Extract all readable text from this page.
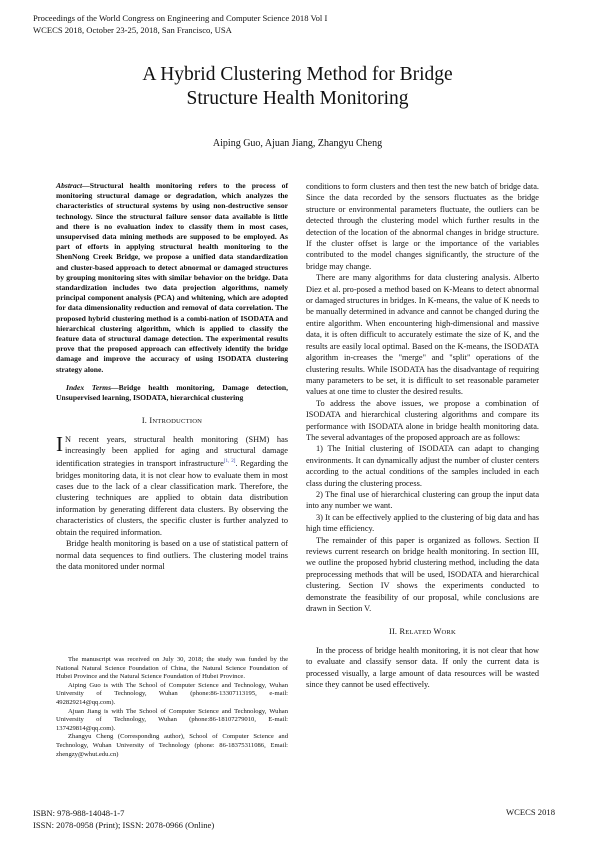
Proceedings of the World Congress on Engineering and Computer Science 2018 Vol I
WCECS 2018, October 23-25, 2018, San Francisco, USA
A Hybrid Clustering Method for Bridge
Structure Health Monitoring
Aiping Guo, Ajuan Jiang, Zhangyu Cheng

Abstract—Structural health monitoring refers to the process of monitoring structural damage or degradation, which analyzes the characteristics of structural systems by using non-destructive sensor technology. Since the structural failure sensor data available is little and there is no evaluation index to classify them in most cases, unsupervised data mining methods are supposed to be employed. As part of efforts in applying structural health monitoring to the ShenNong Creek Bridge, we propose a unified data standardization and cluster-based approach to detect abnormal or damaged structures by grouping monitoring sites with similar behavior on the bridge. Data standardization includes two data projection algorithms, namely principal component analysis (PCA) and whitening, which are adopted for data dimensionality reduction and removal of data correlation. The proposed hybrid clustering method is a combi-nation of ISODATA and hierarchical clustering algorithm, which is applied to classify the feature data of structural damage detection. The experimental results prove that the proposed approach can effectively identify the bridge damage and improve the accuracy of using ISODATA clustering strategy alone.

Index Terms—Bridge health monitoring, Damage detection, Unsupervised learning, ISODATA, hierarchical clustering

I. INTRODUCTION

I N recent years, structural health monitoring (SHM) has increasingly been applied for aging and structural damage identification strategies in transport infrastructure[1, 2]. Regarding the bridges monitoring data, it is not clear how to evaluate them in most cases due to the lack of a clear classification mark. Therefore, the clustering techniques are applied to obtain data distribution information by generating different data clusters. By observing the characteristics of clusters, the specific cluster is further analyzed to obtain the required information.

Bridge health monitoring is based on a use of statistical pattern of normal data sequences to find outliers. The clustering model trains the data monitored under normal

The manuscript was received on July 30, 2018; the study was funded by the National Natural Science Foundation of China, the Natural Science Foundation of Hubei Province and the Natural Science Foundation of Hubei Province.

Aiping Guo is with The School of Computer Science and Technology, Wuhan University of Technology, Wuhan (phone:86-13307113195, e-mail: 492829214@qq.com).

Ajuan Jiang is with The School of Computer Science and Technology, Wuhan University of Technology, Wuhan (phone:86-18107279010, E-mail: 137429814@qq.com).

Zhangyu Cheng (Corresponding author), School of Computer Science and Technology, Wuhan University of Technology (phone: 86-18375311086, Email: zhengzy@whut.edu.cn)

conditions to form clusters and then test the new batch of bridge data. Since the data recorded by the sensors fluctuates as the bridge structure or environmental parameters fluctuate, the outliers can be detected through the clustering model which further results in the detection of the location of the abnormal changes in bridge structure. If the cluster offset is large or the importance of the variables contributed to the model changes significantly, the structure of the bridge may change.

There are many algorithms for data clustering analysis. Alberto Diez et al. pro-posed a method based on K-Means to detect abnormal or damaged structures in bridges. In K-means, the value of K needs to be manually determined in advance and cannot be changed during the entire algorithm. When encountering high-dimensional and massive data, it is often difficult to accurately estimate the size of K, and the results are easily local optimal. Based on the K-means, the ISODATA algorithm in-creases the "merge" and "split" operations of the clustering results. While ISODATA has the disadvantage of requiring many parameters to be set, it is difficult to set reasonable parameter values at one time to cluster the desired results.

To address the above issues, we propose a combination of ISODATA and hierarchical clustering algorithms and compare its performance with ISODATA alone in bridge health monitoring data. The several advantages of the proposed approach are as follows:

1) The Initial clustering of ISODATA can adapt to changing environments. It can dynamically adjust the number of cluster centers according to the actual conditions of the samples included in each class during the clustering process.

2) The final use of hierarchical clustering can group the input data into any number we want.

3) It can be effectively applied to the clustering of big data and has high time efficiency.

The remainder of this paper is organized as follows. Section II reviews current research on bridge health monitoring. In section III, we outline the proposed hybrid clustering method, including the data preprocessing methods that will be used, ISODATA and hierarchical clustering. Section IV shows the experiments conducted to demonstrate the feasibility of our proposal, while conclusions are drawn in Section V.

II. RELATED WORK

In the process of bridge health monitoring, it is not clear that how to evaluate and classify sensor data. If only the current data is processed visually, a large amount of data resources will be wasted since they cannot be used effectively.

ISBN: 978-988-14048-1-7
ISSN: 2078-0958 (Print); ISSN: 2078-0966 (Online)
WCECS 2018
